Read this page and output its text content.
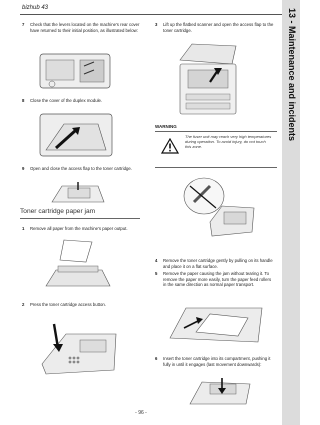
bizhub 43	13 - Maintenance and incidents
7 Check that the levers located on the machine's rear cover have returned to their initial position, as illustrated below:
8 Close the cover of the duplex module.
9 Open and close the access flap to the toner cartridge.
Toner cartridge paper jam
1 Remove all paper from the machine's paper output.
2 Press the toner cartridge access button.
3 Lift up the flatbed scanner and open the access flap to the toner cartridge.
WARNING
The fuser unit may reach very high temperatures during operation. To avoid injury, do not touch this zone.
4 Remove the toner cartridge gently by pulling on its handle and place it on a flat surface.
5 Remove the paper causing the jam without tearing it. To remove the paper more easily, turn the paper feed rollers in the same direction as normal paper transport.
6 Insert the toner cartridge into its compartment, pushing it fully in until it engages (last movement downwards):
- 96 -
